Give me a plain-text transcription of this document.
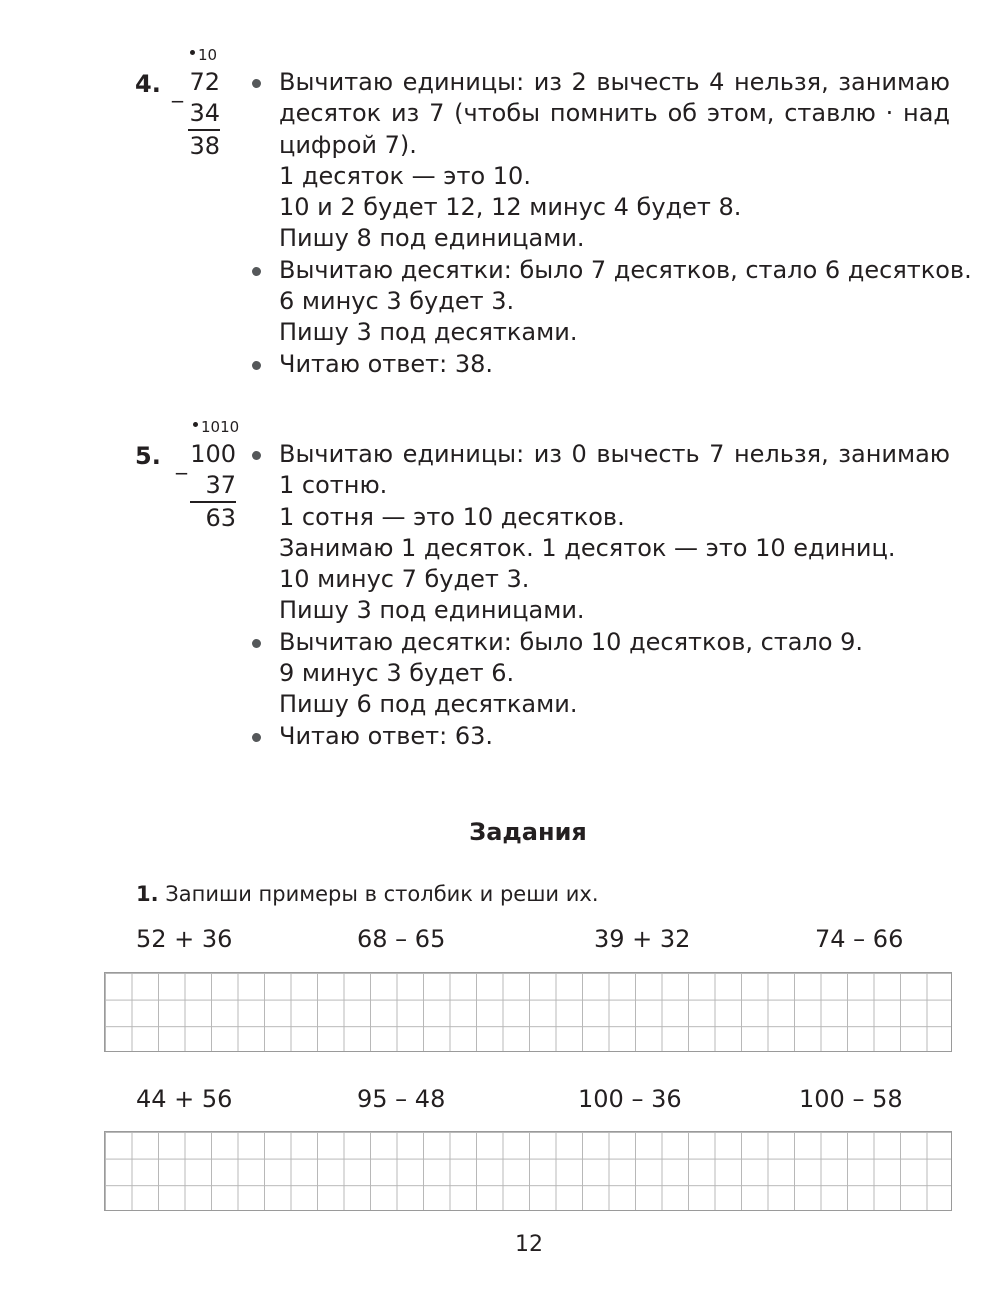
4.
10
_ 72
34
38
Вычитаю единицы: из 2 вычесть 4 нельзя, занимаю
десяток из 7 (чтобы помнить об этом, ставлю · над
цифрой 7).
1 десяток — это 10.
10 и 2 будет 12, 12 минус 4 будет 8.
Пишу 8 под единицами.
Вычитаю десятки: было 7 десятков, стало 6 десятков.
6 минус 3 будет 3.
Пишу 3 под десятками.
Читаю ответ: 38.
5.
1010
_ 100
37
63
Вычитаю единицы: из 0 вычесть 7 нельзя, занимаю
1 сотню.
1 сотня — это 10 десятков.
Занимаю 1 десяток. 1 десяток — это 10 единиц.
10 минус 7 будет 3.
Пишу 3 под единицами.
Вычитаю десятки: было 10 десятков, стало 9.
9 минус 3 будет 6.
Пишу 6 под десятками.
Читаю ответ: 63.
Задания
1. Запиши примеры в столбик и реши их.
52 + 36	68 – 65	39 + 32	74 – 66
44 + 56	95 – 48	100 – 36	100 – 58
12
